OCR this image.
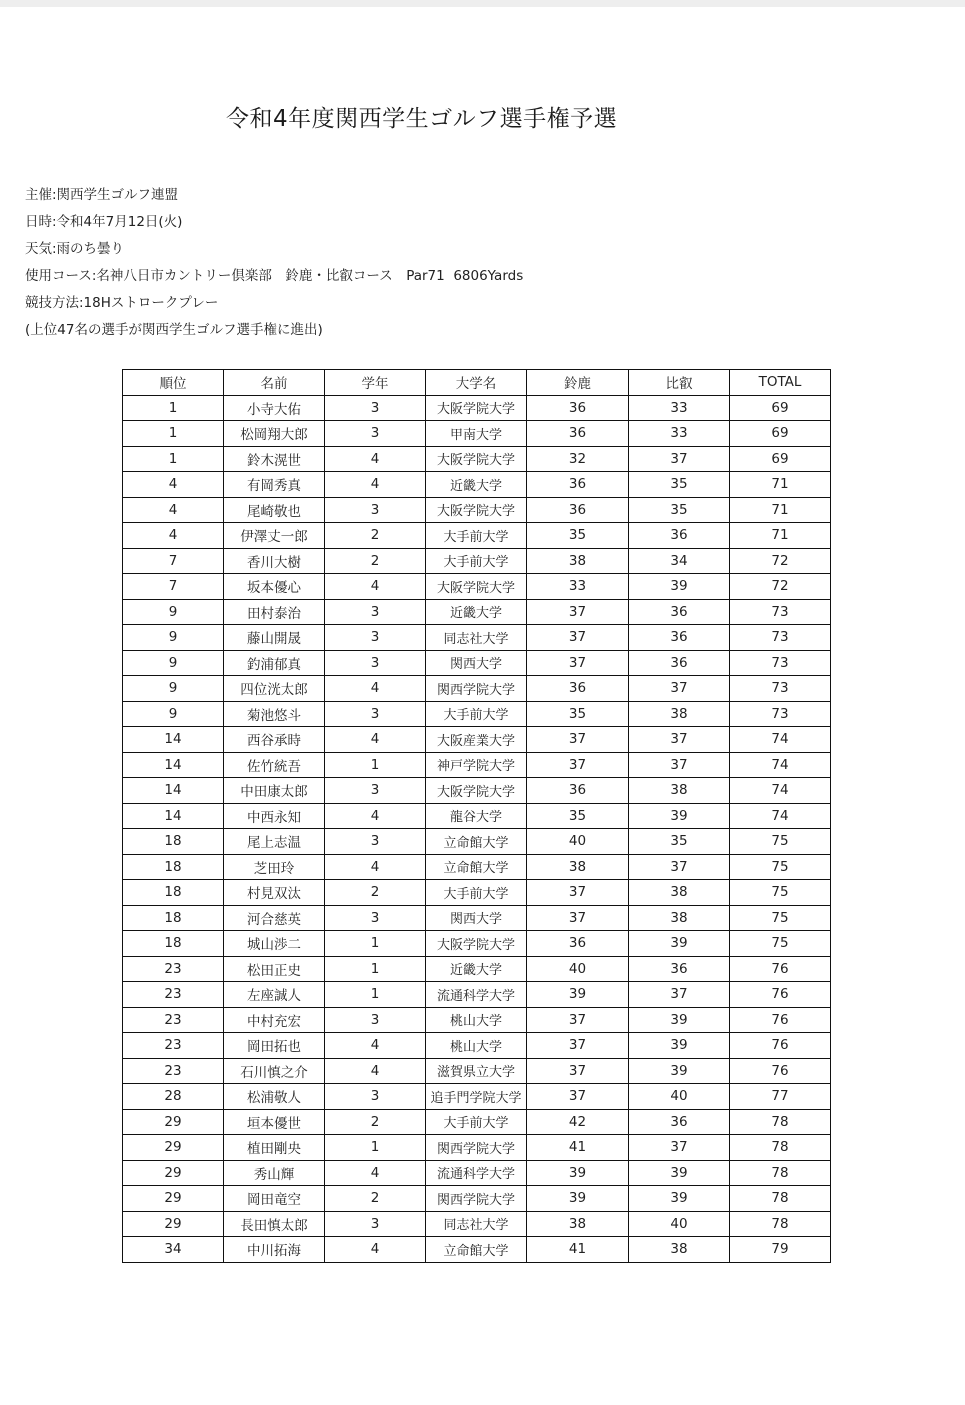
令和4年度関西学生ゴルフ選手権予選
主催:関西学生ゴルフ連盟
日時:令和4年7月12日(火)
天気:雨のち曇り
使用コース:名神八日市カントリー倶楽部　鈴鹿・比叡コース　Par71  6806Yards
競技方法:18Hストロークプレー
(上位47名の選手が関西学生ゴルフ選手権に進出)
順位	名前	学年	大学名	鈴鹿	比叡	TOTAL
1	小寺大佑	3	大阪学院大学	36	33	69
1	松岡翔大郎	3	甲南大学	36	33	69
1	鈴木滉世	4	大阪学院大学	32	37	69
4	有岡秀真	4	近畿大学	36	35	71
4	尾崎敬也	3	大阪学院大学	36	35	71
4	伊澤丈一郎	2	大手前大学	35	36	71
7	香川大樹	2	大手前大学	38	34	72
7	坂本優心	4	大阪学院大学	33	39	72
9	田村泰治	3	近畿大学	37	36	73
9	藤山開晟	3	同志社大学	37	36	73
9	釣浦郁真	3	関西大学	37	36	73
9	四位洸太郎	4	関西学院大学	36	37	73
9	菊池悠斗	3	大手前大学	35	38	73
14	西谷承時	4	大阪産業大学	37	37	74
14	佐竹統吾	1	神戸学院大学	37	37	74
14	中田康太郎	3	大阪学院大学	36	38	74
14	中西永知	4	龍谷大学	35	39	74
18	尾上志温	3	立命館大学	40	35	75
18	芝田玲	4	立命館大学	38	37	75
18	村見双汰	2	大手前大学	37	38	75
18	河合慈英	3	関西大学	37	38	75
18	城山渉二	1	大阪学院大学	36	39	75
23	松田正史	1	近畿大学	40	36	76
23	左座誠人	1	流通科学大学	39	37	76
23	中村充宏	3	桃山大学	37	39	76
23	岡田拓也	4	桃山大学	37	39	76
23	石川慎之介	4	滋賀県立大学	37	39	76
28	松浦敬人	3	追手門学院大学	37	40	77
29	垣本優世	2	大手前大学	42	36	78
29	植田剛央	1	関西学院大学	41	37	78
29	秀山輝	4	流通科学大学	39	39	78
29	岡田竜空	2	関西学院大学	39	39	78
29	長田慎太郎	3	同志社大学	38	40	78
34	中川拓海	4	立命館大学	41	38	79
